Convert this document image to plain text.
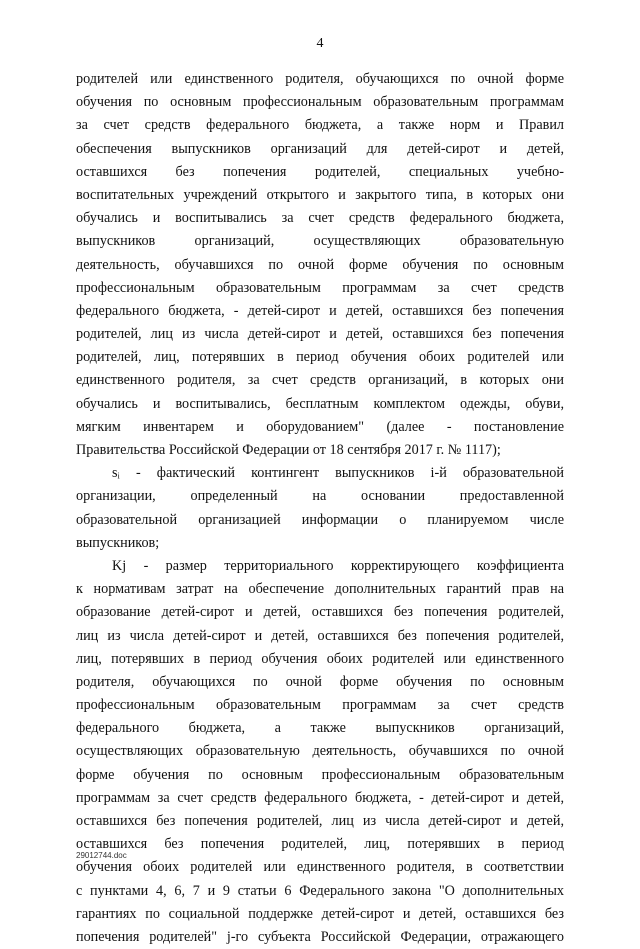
4
родителей или единственного родителя, обучающихся по очной форме
обучения по основным профессиональным образовательным программам
за счет средств федерального бюджета, а также норм и Правил
обеспечения выпускников организаций для детей-сирот и детей,
оставшихся без попечения родителей, специальных учебно-
воспитательных учреждений открытого и закрытого типа, в которых они
обучались и воспитывались за счет средств федерального бюджета,
выпускников организаций, осуществляющих образовательную
деятельность, обучавшихся по очной форме обучения по основным
профессиональным образовательным программам за счет средств
федерального бюджета, - детей-сирот и детей, оставшихся без попечения
родителей, лиц из числа детей-сирот и детей, оставшихся без попечения
родителей, лиц, потерявших в период обучения обоих родителей или
единственного родителя, за счет средств организаций, в которых они
обучались и воспитывались, бесплатным комплектом одежды, обуви,
мягким инвентарем и оборудованием" (далее - постановление
Правительства Российской Федерации от 18 сентября 2017 г. № 1117);
sᵢ - фактический контингент выпускников i-й образовательной
организации, определенный на основании предоставленной
образовательной организацией информации о планируемом числе
выпускников;
Kj - размер территориального корректирующего коэффициента
к нормативам затрат на обеспечение дополнительных гарантий прав на
образование детей-сирот и детей, оставшихся без попечения родителей,
лиц из числа детей-сирот и детей, оставшихся без попечения родителей,
лиц, потерявших в период обучения обоих родителей или единственного
родителя, обучающихся по очной форме обучения по основным
профессиональным образовательным программам за счет средств
федерального бюджета, а также выпускников организаций,
осуществляющих образовательную деятельность, обучавшихся по очной
форме обучения по основным профессиональным образовательным
программам за счет средств федерального бюджета, - детей-сирот и детей,
оставшихся без попечения родителей, лиц из числа детей-сирот и детей,
оставшихся без попечения родителей, лиц, потерявших в период
обучения обоих родителей или единственного родителя, в соответствии
с пунктами 4, 6, 7 и 9 статьи 6 Федерального закона "О дополнительных
гарантиях по социальной поддержке детей-сирот и детей, оставшихся без
попечения родителей" j-го субъекта Российской Федерации, отражающего
29012744.doc
